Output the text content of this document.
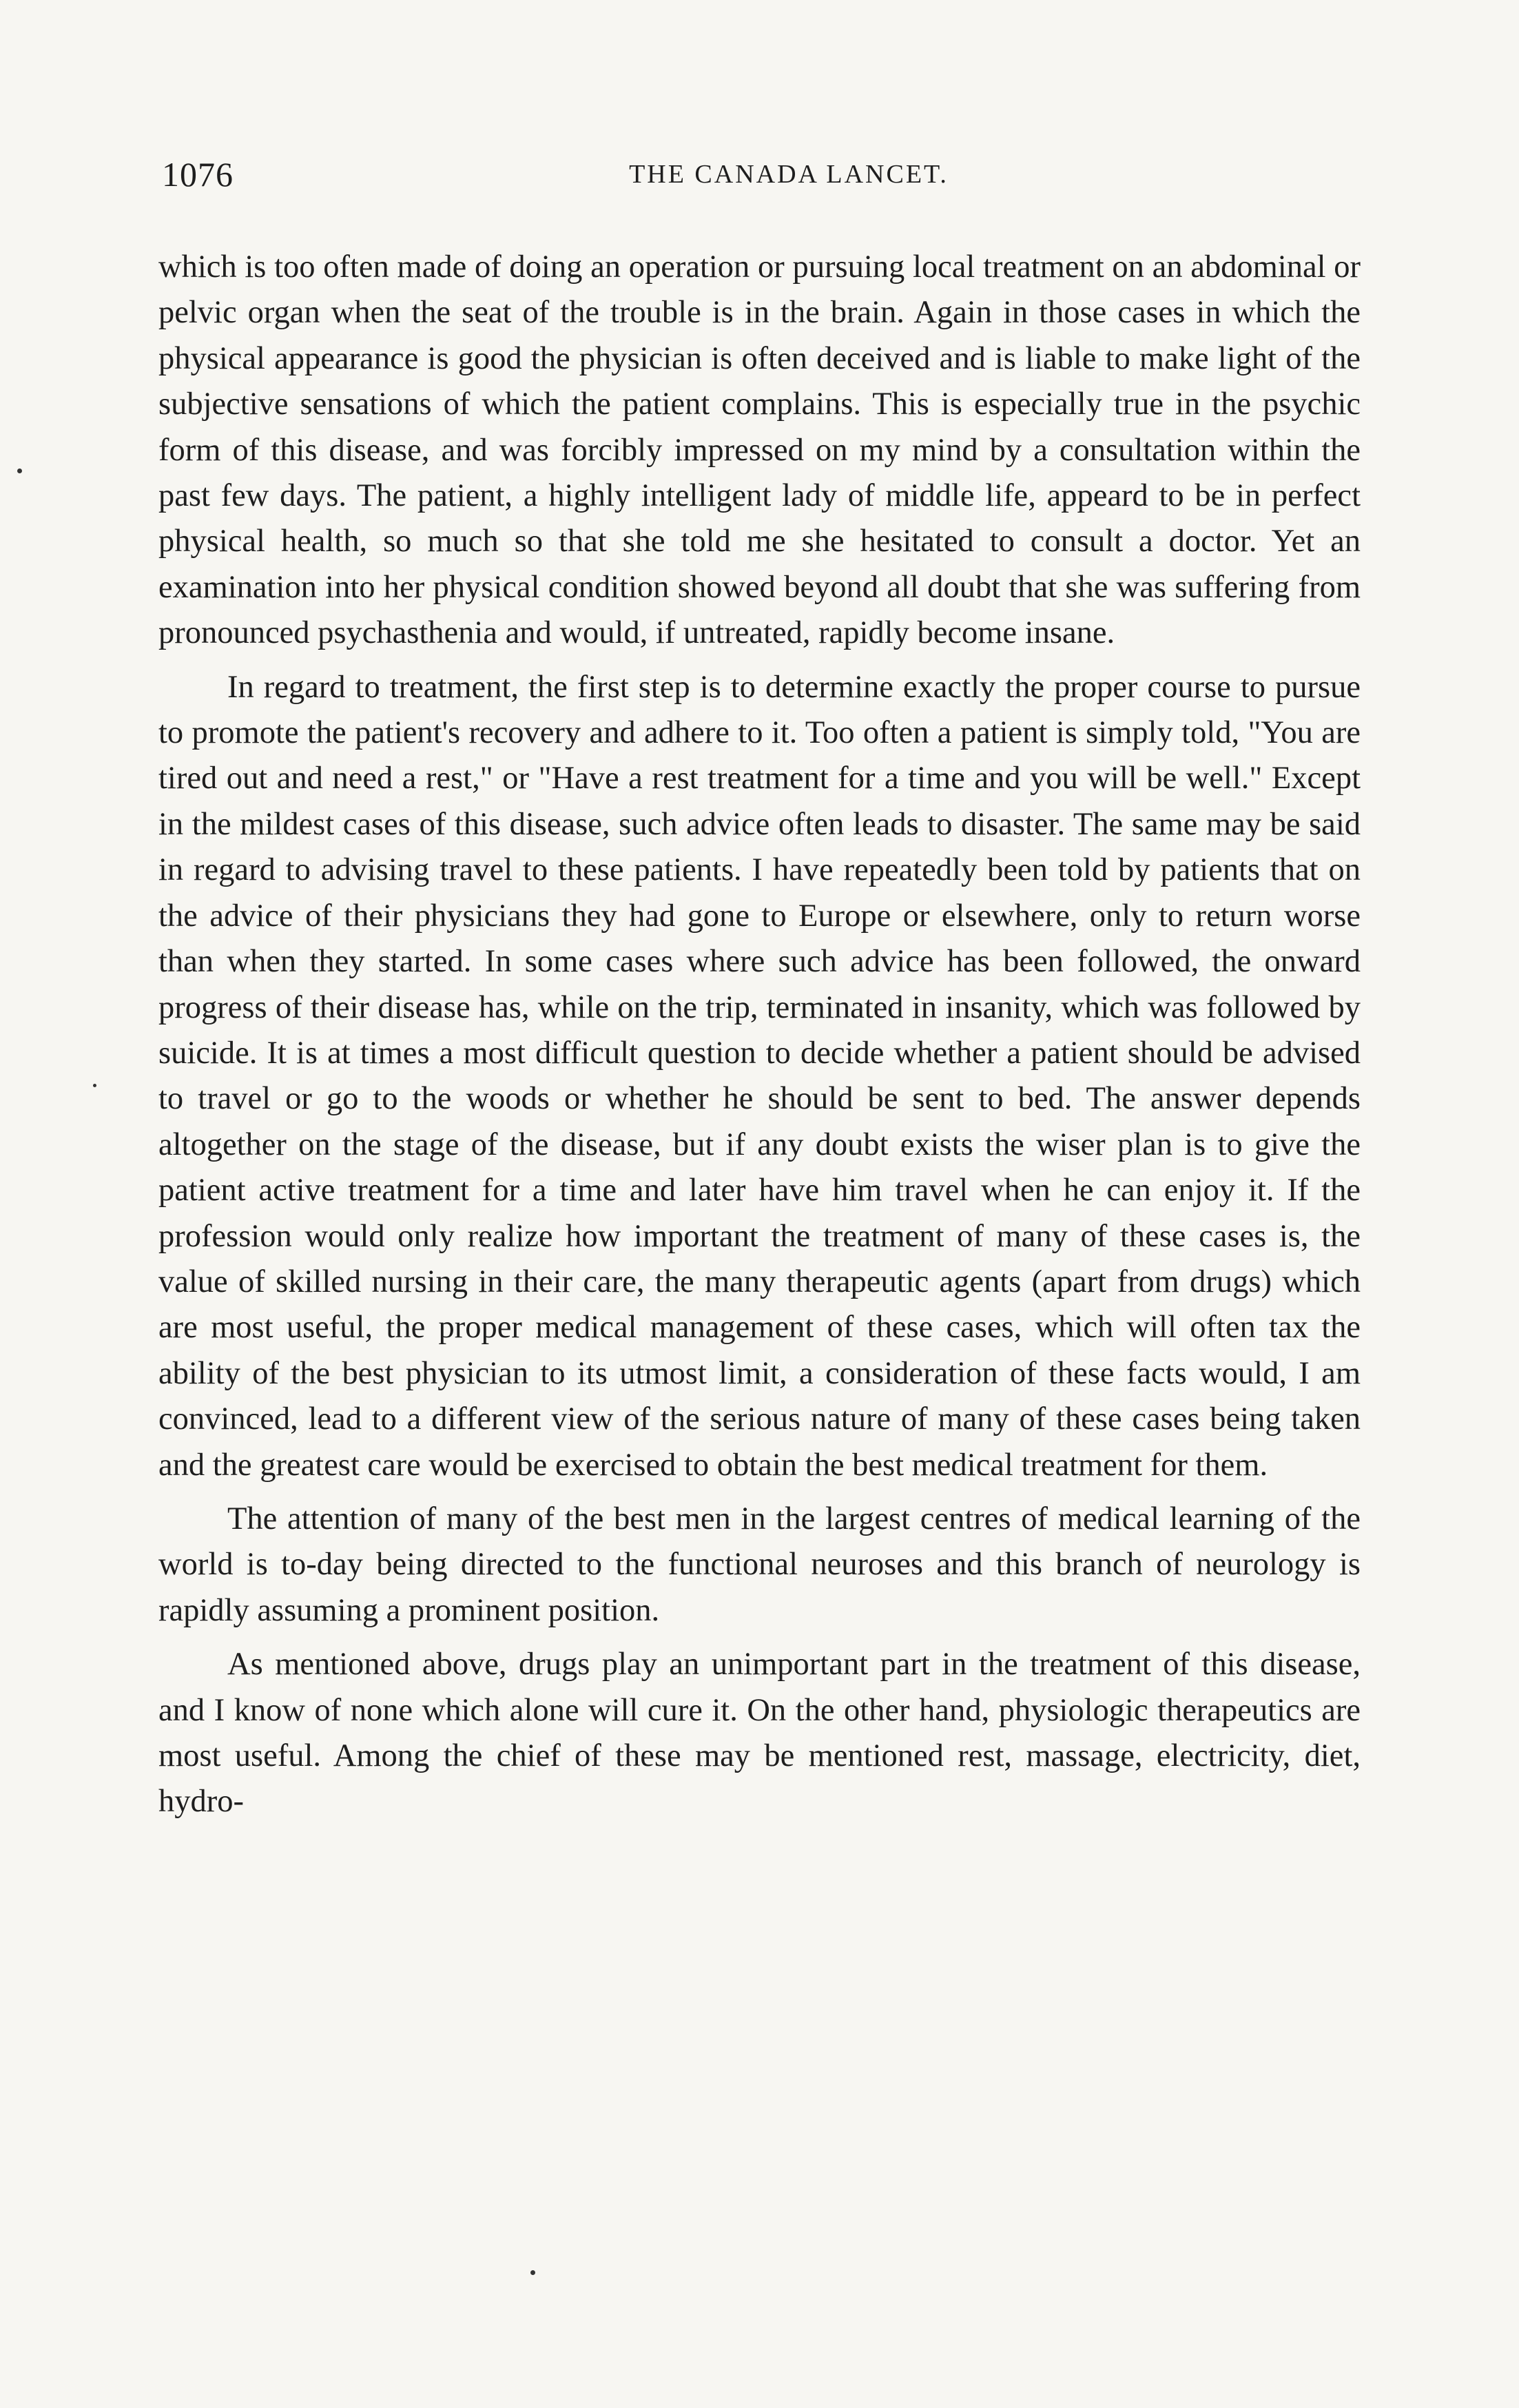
1076	THE CANADA LANCET.

which is too often made of doing an operation or pursuing local treatment on an abdominal or pelvic organ when the seat of the trouble is in the brain. Again in those cases in which the physical appearance is good the physician is often deceived and is liable to make light of the subjective sensations of which the patient complains. This is especially true in the psychic form of this disease, and was forcibly impressed on my mind by a consultation within the past few days. The patient, a highly intelligent lady of middle life, appeard to be in perfect physical health, so much so that she told me she hesitated to consult a doctor. Yet an examination into her physical condition showed beyond all doubt that she was suffering from pronounced psychasthenia and would, if untreated, rapidly become insane.

In regard to treatment, the first step is to determine exactly the proper course to pursue to promote the patient's recovery and adhere to it. Too often a patient is simply told, "You are tired out and need a rest," or "Have a rest treatment for a time and you will be well." Except in the mildest cases of this disease, such advice often leads to disaster. The same may be said in regard to advising travel to these patients. I have repeatedly been told by patients that on the advice of their physicians they had gone to Europe or elsewhere, only to return worse than when they started. In some cases where such advice has been followed, the onward progress of their disease has, while on the trip, terminated in insanity, which was followed by suicide. It is at times a most difficult question to decide whether a patient should be advised to travel or go to the woods or whether he should be sent to bed. The answer depends altogether on the stage of the disease, but if any doubt exists the wiser plan is to give the patient active treatment for a time and later have him travel when he can enjoy it. If the profession would only realize how important the treatment of many of these cases is, the value of skilled nursing in their care, the many therapeutic agents (apart from drugs) which are most useful, the proper medical management of these cases, which will often tax the ability of the best physician to its utmost limit, a consideration of these facts would, I am convinced, lead to a different view of the serious nature of many of these cases being taken and the greatest care would be exercised to obtain the best medical treatment for them.

The attention of many of the best men in the largest centres of medical learning of the world is to-day being directed to the functional neuroses and this branch of neurology is rapidly assuming a prominent position.

As mentioned above, drugs play an unimportant part in the treatment of this disease, and I know of none which alone will cure it. On the other hand, physiologic therapeutics are most useful. Among the chief of these may be mentioned rest, massage, electricity, diet, hydro-
